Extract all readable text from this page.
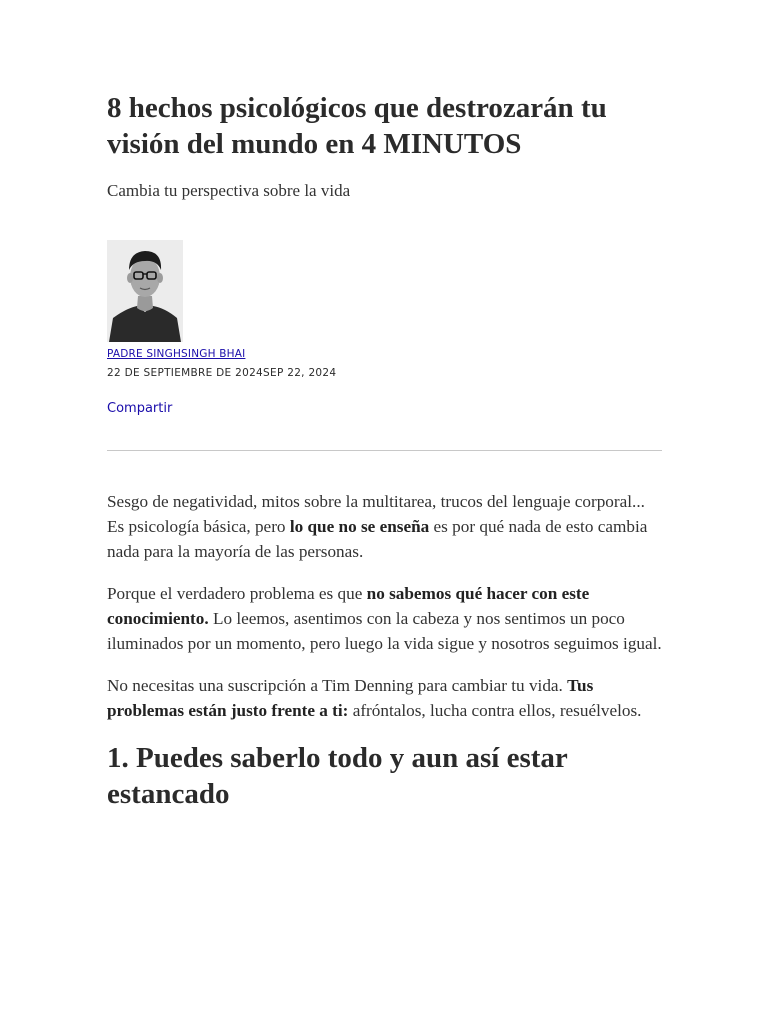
8 hechos psicológicos que destrozarán tu visión del mundo en 4 MINUTOS

Cambia tu perspectiva sobre la vida

PADRE SINGHSINGH BHAI
22 DE SEPTIEMBRE DE 2024SEP 22, 2024
Compartir

Sesgo de negatividad, mitos sobre la multitarea, trucos del lenguaje corporal... Es psicología básica, pero lo que no se enseña es por qué nada de esto cambia nada para la mayoría de las personas.

Porque el verdadero problema es que no sabemos qué hacer con este conocimiento. Lo leemos, asentimos con la cabeza y nos sentimos un poco iluminados por un momento, pero luego la vida sigue y nosotros seguimos igual.

No necesitas una suscripción a Tim Denning para cambiar tu vida. Tus problemas están justo frente a ti: afróntalos, lucha contra ellos, resuélvelos.

1. Puedes saberlo todo y aun así estar estancado
